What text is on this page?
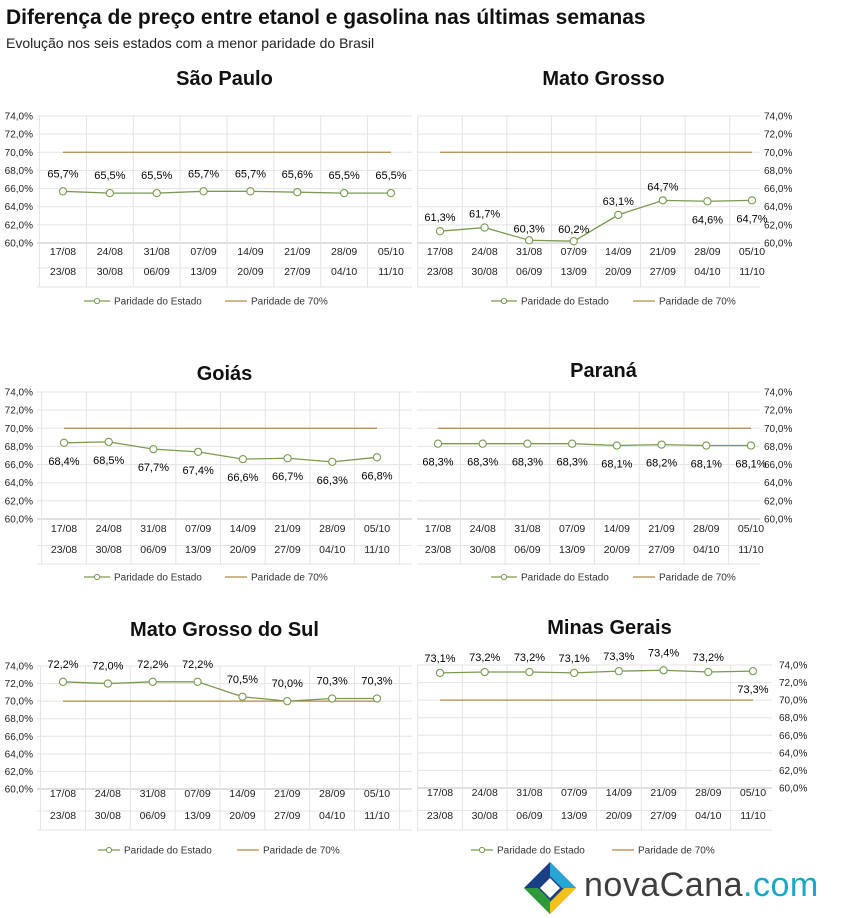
Diferença de preço entre etanol e gasolina nas últimas semanas
Evolução nos seis estados com a menor paridade do Brasil
São Paulo
60,0%
62,0%
64,0%
66,0%
68,0%
70,0%
72,0%
74,0%
17/08
23/08
24/08
30/08
31/08
06/09
07/09
13/09
14/09
20/09
21/09
27/09
28/09
04/10
05/10
11/10
65,7% 65,5% 65,5% 65,7% 65,7% 65,6% 65,5% 65,5%
Paridade do Estado	Paridade de 70%
Mato Grosso
60,0%
62,0%
64,0%
66,0%
68,0%
70,0%
72,0%
74,0%
17/08
23/08
24/08
30/08
31/08
06/09
07/09
13/09
14/09
20/09
21/09
27/09
28/09
04/10
05/10
11/10
61,3% 61,7%
60,3% 60,2%
63,1%
64,7%
64,6% 64,7%
Paridade do Estado	Paridade de 70%
Goiás
60,0%
62,0%
64,0%
66,0%
68,0%
70,0%
72,0%
74,0%
17/08
23/08
24/08
30/08
31/08
06/09
07/09
13/09
14/09
20/09
21/09
27/09
28/09
04/10
05/10
11/10
68,4% 68,5%
67,7% 67,4%
66,6% 66,7% 66,3% 66,8%
Paridade do Estado	Paridade de 70%
Paraná
60,0%
62,0%
64,0%
66,0%
68,0%
70,0%
72,0%
74,0%
17/08
23/08
24/08
30/08
31/08
06/09
07/09
13/09
14/09
20/09
21/09
27/09
28/09
04/10
05/10
11/10
68,3% 68,3% 68,3% 68,3% 68,1% 68,2% 68,1% 68,1%
Paridade do Estado	Paridade de 70%
Mato Grosso do Sul
60,0%
62,0%
64,0%
66,0%
68,0%
70,0%
72,0%
74,0%
17/08
23/08
24/08
30/08
31/08
06/09
07/09
13/09
14/09
20/09
21/09
27/09
28/09
04/10
05/10
11/10
72,2% 72,0% 72,2% 72,2%
70,5% 70,0% 70,3% 70,3%
Paridade do Estado	Paridade de 70%
Minas Gerais
60,0%
62,0%
64,0%
66,0%
68,0%
70,0%
72,0%
74,0%
17/08
23/08
24/08
30/08
31/08
06/09
07/09
13/09
14/09
20/09
21/09
27/09
28/09
04/10
05/10
11/10
73,1% 73,2% 73,2% 73,1% 73,3% 73,4% 73,2%
73,3%
Paridade do Estado	Paridade de 70%
novaCana.com
